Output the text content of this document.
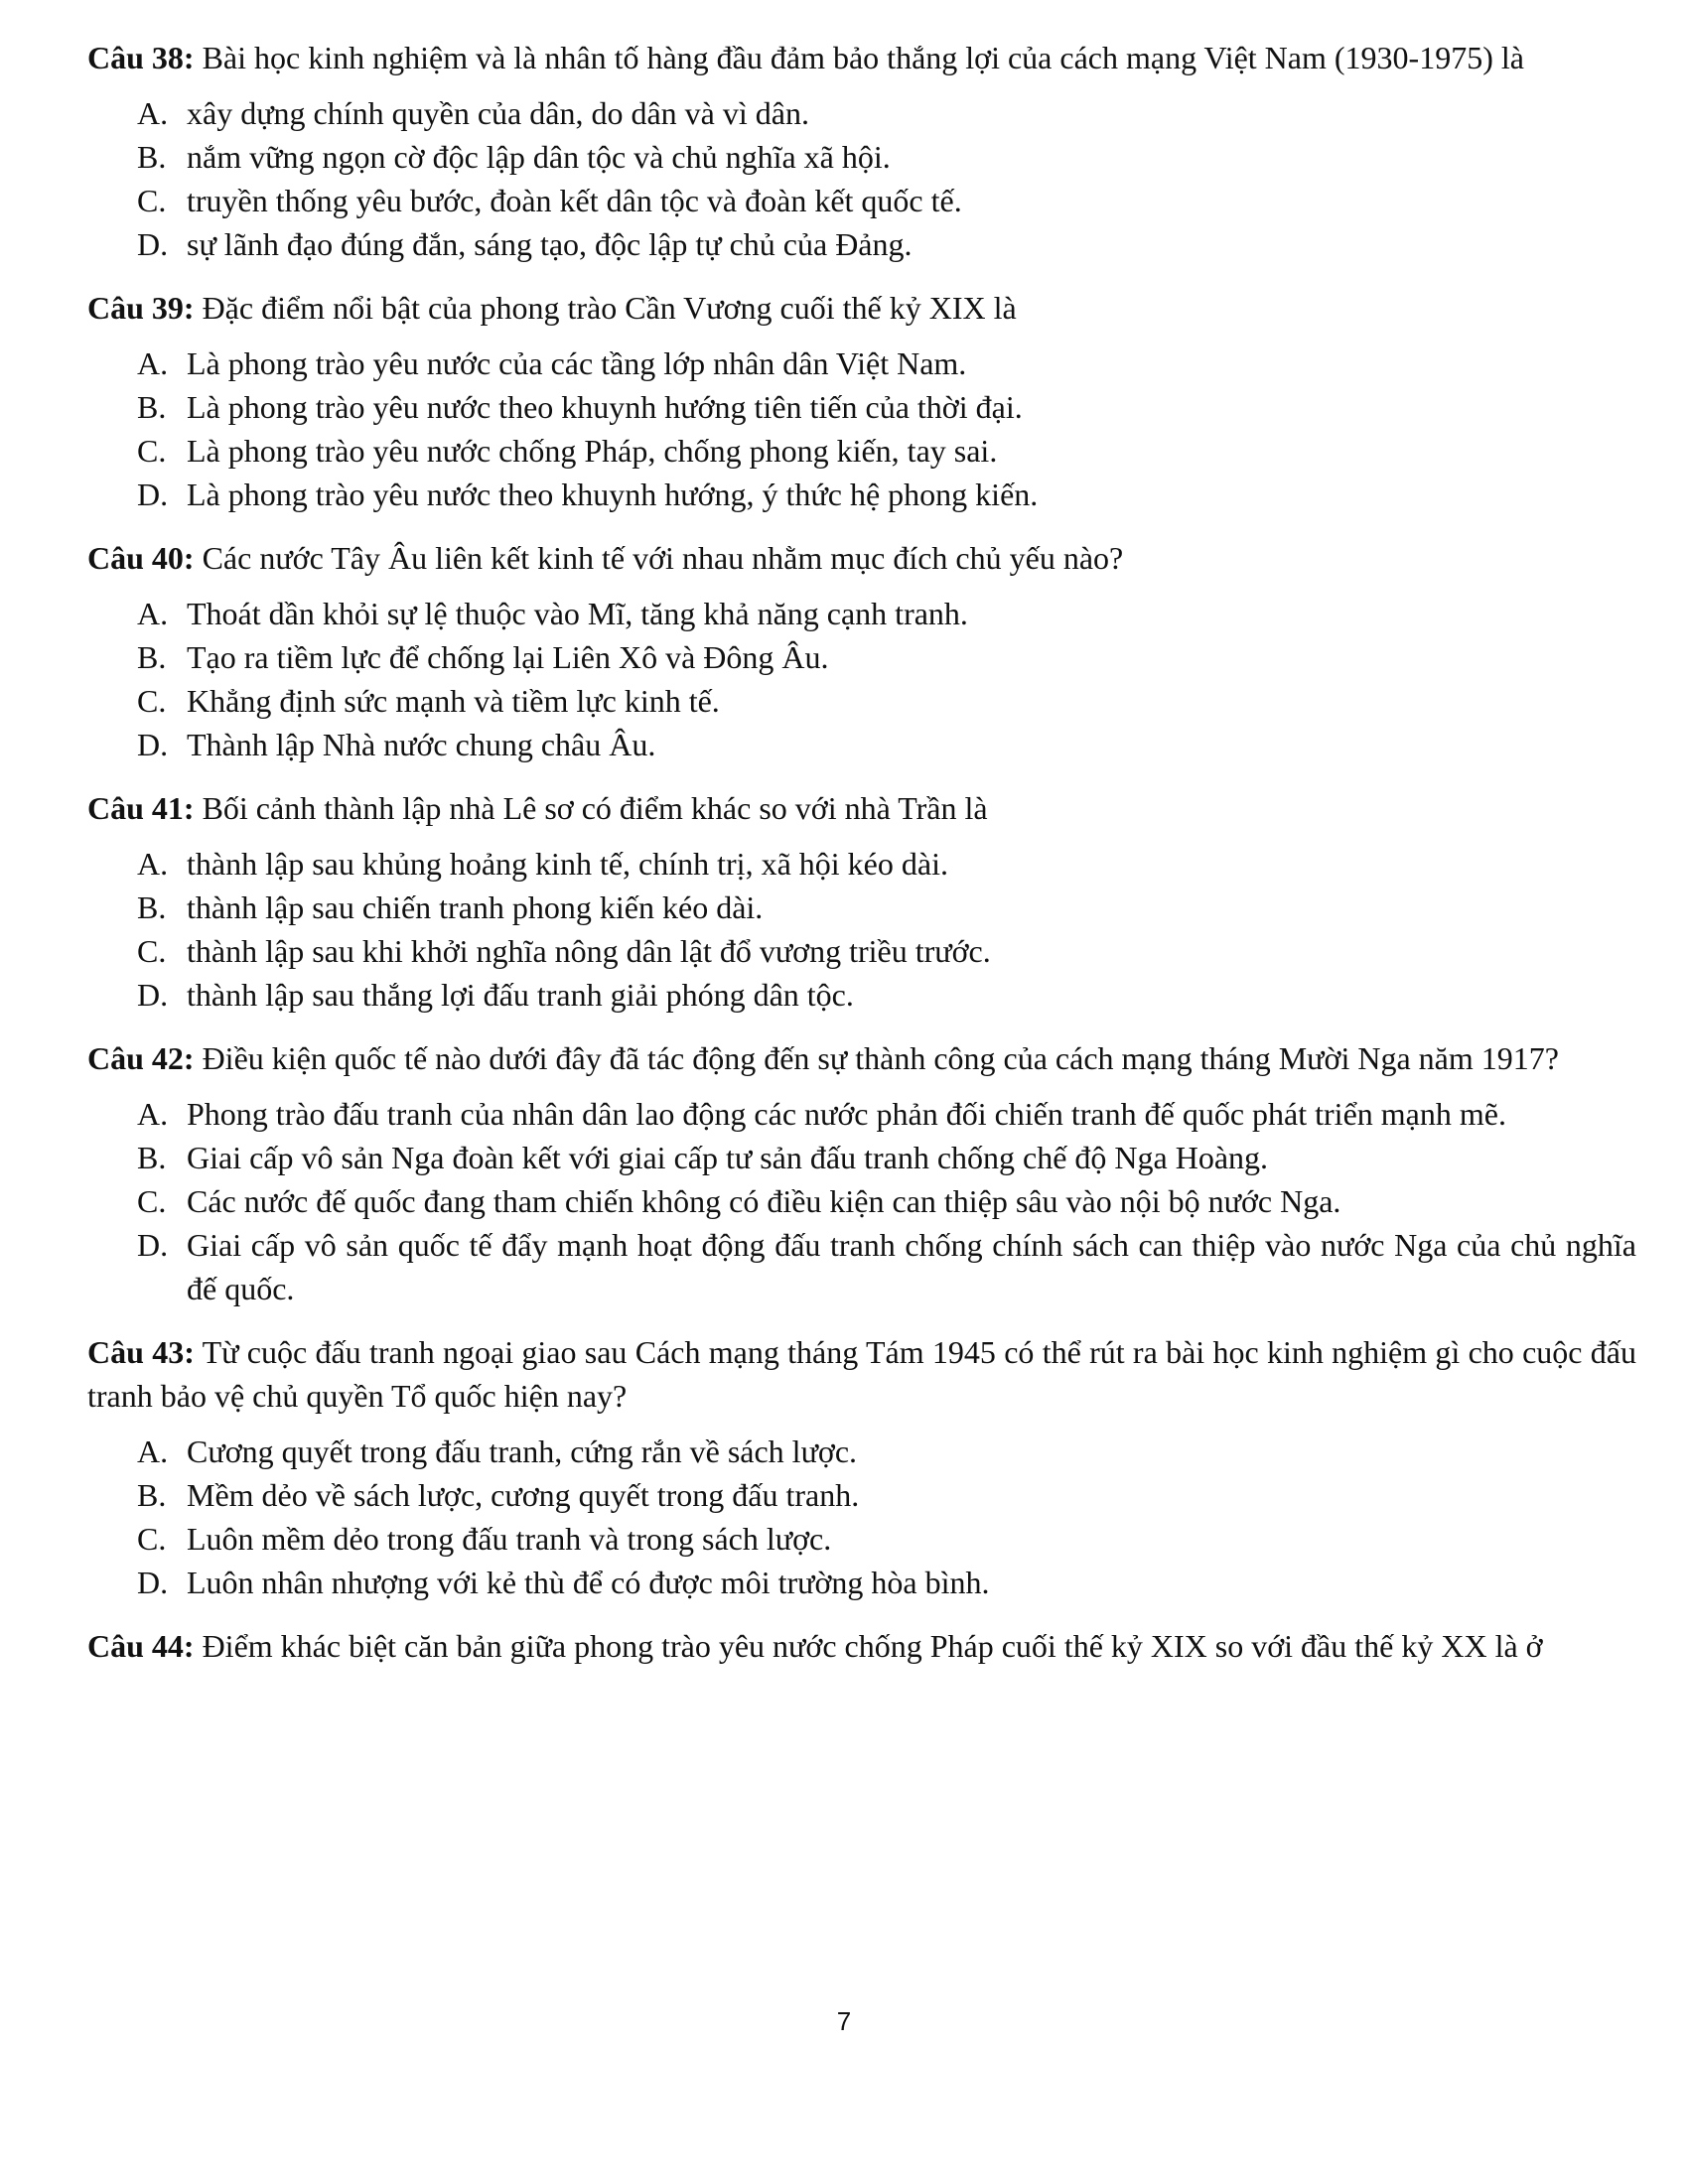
Câu 38: Bài học kinh nghiệm và là nhân tố hàng đầu đảm bảo thắng lợi của cách mạng Việt Nam (1930-1975) là

A. xây dựng chính quyền của dân, do dân và vì dân.
B. nắm vững ngọn cờ độc lập dân tộc và chủ nghĩa xã hội.
C. truyền thống yêu bước, đoàn kết dân tộc và đoàn kết quốc tế.
D. sự lãnh đạo đúng đắn, sáng tạo, độc lập tự chủ của Đảng.

Câu 39: Đặc điểm nổi bật của phong trào Cần Vương cuối thế kỷ XIX là

A. Là phong trào yêu nước của các tầng lớp nhân dân Việt Nam.
B. Là phong trào yêu nước theo khuynh hướng tiên tiến của thời đại.
C. Là phong trào yêu nước chống Pháp, chống phong kiến, tay sai.
D. Là phong trào yêu nước theo khuynh hướng, ý thức hệ phong kiến.

Câu 40: Các nước Tây Âu liên kết kinh tế với nhau nhằm mục đích chủ yếu nào?

A. Thoát dần khỏi sự lệ thuộc vào Mĩ, tăng khả năng cạnh tranh.
B. Tạo ra tiềm lực để chống lại Liên Xô và Đông Âu.
C. Khẳng định sức mạnh và tiềm lực kinh tế.
D. Thành lập Nhà nước chung châu Âu.

Câu 41: Bối cảnh thành lập nhà Lê sơ có điểm khác so với nhà Trần là

A. thành lập sau khủng hoảng kinh tế, chính trị, xã hội kéo dài.
B. thành lập sau chiến tranh phong kiến kéo dài.
C. thành lập sau khi khởi nghĩa nông dân lật đổ vương triều trước.
D. thành lập sau thắng lợi đấu tranh giải phóng dân tộc.

Câu 42: Điều kiện quốc tế nào dưới đây đã tác động đến sự thành công của cách mạng tháng Mười Nga năm 1917?

A. Phong trào đấu tranh của nhân dân lao động các nước phản đối chiến tranh đế quốc phát triển mạnh mẽ.
B. Giai cấp vô sản Nga đoàn kết với giai cấp tư sản đấu tranh chống chế độ Nga Hoàng.
C. Các nước đế quốc đang tham chiến không có điều kiện can thiệp sâu vào nội bộ nước Nga.
D. Giai cấp vô sản quốc tế đẩy mạnh hoạt động đấu tranh chống chính sách can thiệp vào nước Nga của chủ nghĩa đế quốc.

Câu 43: Từ cuộc đấu tranh ngoại giao sau Cách mạng tháng Tám 1945 có thể rút ra bài học kinh nghiệm gì cho cuộc đấu tranh bảo vệ chủ quyền Tổ quốc hiện nay?

A. Cương quyết trong đấu tranh, cứng rắn về sách lược.
B. Mềm dẻo về sách lược, cương quyết trong đấu tranh.
C. Luôn mềm dẻo trong đấu tranh và trong sách lược.
D. Luôn nhân nhượng với kẻ thù để có được môi trường hòa bình.

Câu 44: Điểm khác biệt căn bản giữa phong trào yêu nước chống Pháp cuối thế kỷ XIX so với đầu thế kỷ XX là ở

7
